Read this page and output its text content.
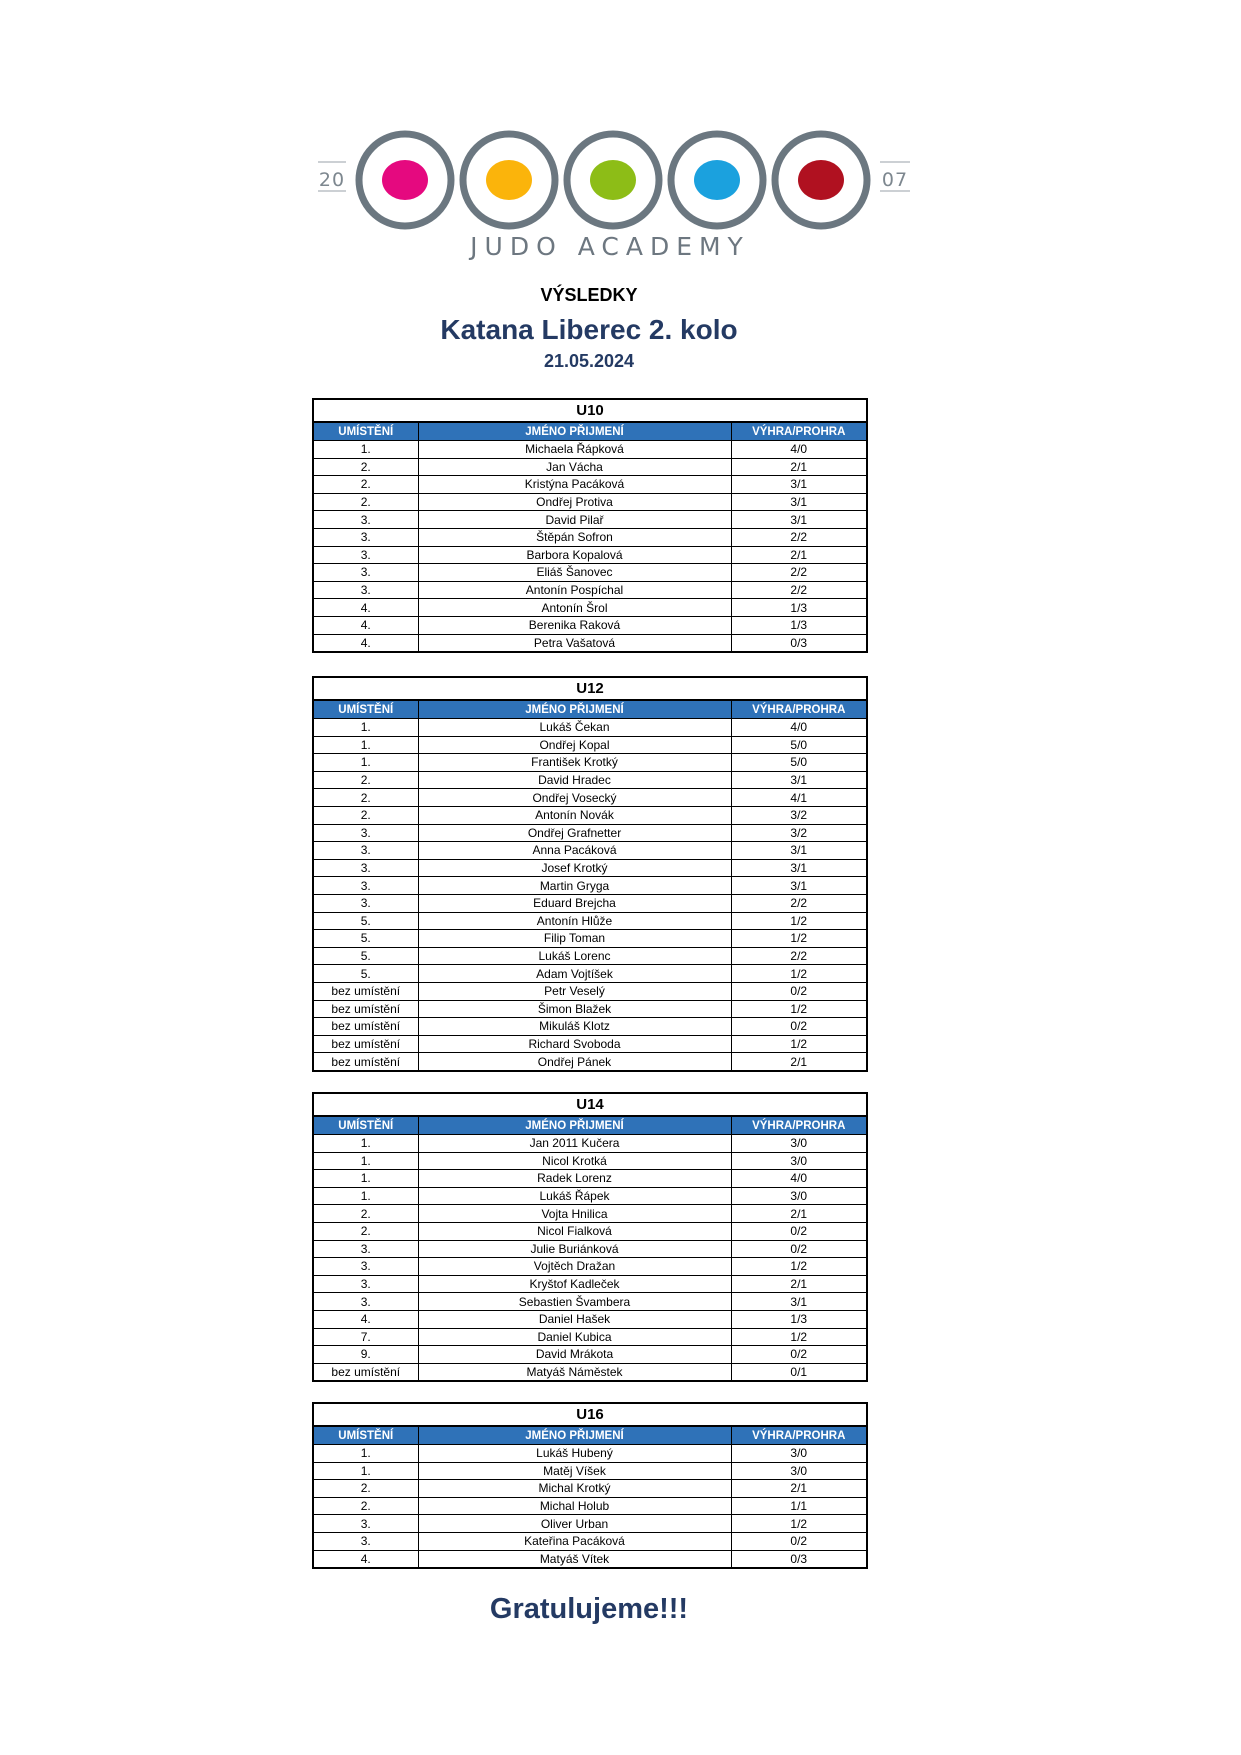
20	07
JUDO ACADEMY
VÝSLEDKY
Katana Liberec 2. kolo
21.05.2024
U10		
UMÍSTĚNÍ	JMÉNO PŘIJMENÍ	VÝHRA/PROHRA
1.	Michaela Řápková	4/0
2.	Jan Vácha	2/1
2.	Kristýna Pacáková	3/1
2.	Ondřej Protiva	3/1
3.	David Pilař	3/1
3.	Štěpán Sofron	2/2
3.	Barbora Kopalová	2/1
3.	Eliáš Šanovec	2/2
3.	Antonín Pospíchal	2/2
4.	Antonín Šrol	1/3
4.	Berenika Raková	1/3
4.	Petra Vašatová	0/3
U12		
UMÍSTĚNÍ	JMÉNO PŘIJMENÍ	VÝHRA/PROHRA
1.	Lukáš Čekan	4/0
1.	Ondřej Kopal	5/0
1.	František Krotký	5/0
2.	David Hradec	3/1
2.	Ondřej Vosecký	4/1
2.	Antonín Novák	3/2
3.	Ondřej Grafnetter	3/2
3.	Anna Pacáková	3/1
3.	Josef Krotký	3/1
3.	Martin Gryga	3/1
3.	Eduard Brejcha	2/2
5.	Antonín Hlůže	1/2
5.	Filip Toman	1/2
5.	Lukáš Lorenc	2/2
5.	Adam Vojtíšek	1/2
bez umístění	Petr Veselý	0/2
bez umístění	Šimon Blažek	1/2
bez umístění	Mikuláš Klotz	0/2
bez umístění	Richard Svoboda	1/2
bez umístění	Ondřej Pánek	2/1
U14		
UMÍSTĚNÍ	JMÉNO PŘIJMENÍ	VÝHRA/PROHRA
1.	Jan 2011 Kučera	3/0
1.	Nicol Krotká	3/0
1.	Radek Lorenz	4/0
1.	Lukáš Řápek	3/0
2.	Vojta Hnilica	2/1
2.	Nicol Fialková	0/2
3.	Julie Buriánková	0/2
3.	Vojtěch Dražan	1/2
3.	Kryštof Kadleček	2/1
3.	Sebastien Švambera	3/1
4.	Daniel Hašek	1/3
7.	Daniel Kubica	1/2
9.	David Mrákota	0/2
bez umístění	Matyáš Náměstek	0/1
U16		
UMÍSTĚNÍ	JMÉNO PŘIJMENÍ	VÝHRA/PROHRA
1.	Lukáš Hubený	3/0
1.	Matěj Víšek	3/0
2.	Michal Krotký	2/1
2.	Michal Holub	1/1
3.	Oliver Urban	1/2
3.	Kateřina Pacáková	0/2
4.	Matyáš Vítek	0/3
Gratulujeme!!!
